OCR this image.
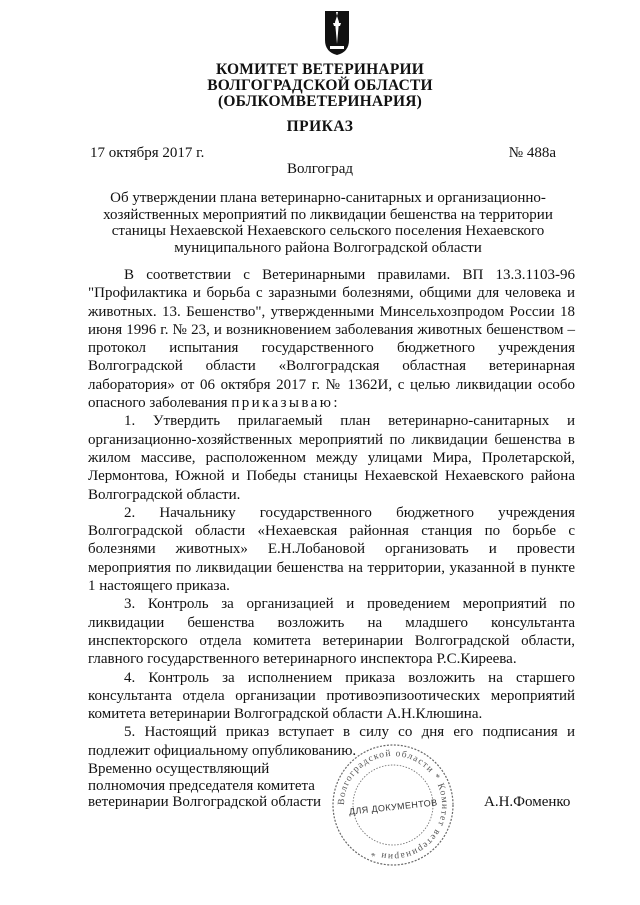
КОМИТЕТ ВЕТЕРИНАРИИ
ВОЛГОГРАДСКОЙ ОБЛАСТИ
(ОБЛКОМВЕТЕРИНАРИЯ)
ПРИКАЗ
17 октября 2017 г.	№ 488а
Волгоград
Об утверждении плана ветеринарно-санитарных и организационно-
хозяйственных мероприятий по ликвидации бешенства на территории
станицы Нехаевской Нехаевского сельского поселения Нехаевского
муниципального района Волгоградской области

В соответствии с Ветеринарными правилами. ВП 13.3.1103-96 "Профилактика и борьба с заразными болезнями, общими для человека и животных. 13. Бешенство", утвержденными Минсельхозпродом России 18 июня 1996 г. № 23, и возникновением заболевания животных бешенством – протокол испытания государственного бюджетного учреждения Волгоградской области «Волгоградская областная ветеринарная лаборатория» от 06 октября 2017 г. № 1362И, с целью ликвидации особо опасного заболевания приказываю:

1. Утвердить прилагаемый план ветеринарно-санитарных и организационно-хозяйственных мероприятий по ликвидации бешенства в жилом массиве, расположенном между улицами Мира, Пролетарской, Лермонтова, Южной и Победы станицы Нехаевской Нехаевского района Волгоградской области.

2. Начальнику государственного бюджетного учреждения Волгоградской области «Нехаевская районная станция по борьбе с болезнями животных» Е.Н.Лобановой организовать и провести мероприятия по ликвидации бешенства на территории, указанной в пункте 1 настоящего приказа.

3. Контроль за организацией и проведением мероприятий по ликвидации бешенства возложить на младшего консультанта инспекторского отдела комитета ветеринарии Волгоградской области, главного государственного ветеринарного инспектора Р.С.Киреева.

4. Контроль за исполнением приказа возложить на старшего консультанта отдела организации противоэпизоотических мероприятий комитета ветеринарии Волгоградской области А.Н.Клюшина.

5. Настоящий приказ вступает в силу со дня его подписания и подлежит официальному опубликованию.

Временно осуществляющий
полномочия председателя комитета
ветеринарии Волгоградской области Волгоградской области * Комитет ветеринарии *
ДЛЯ ДОКУМЕНТОВ	А.Н.Фоменко
